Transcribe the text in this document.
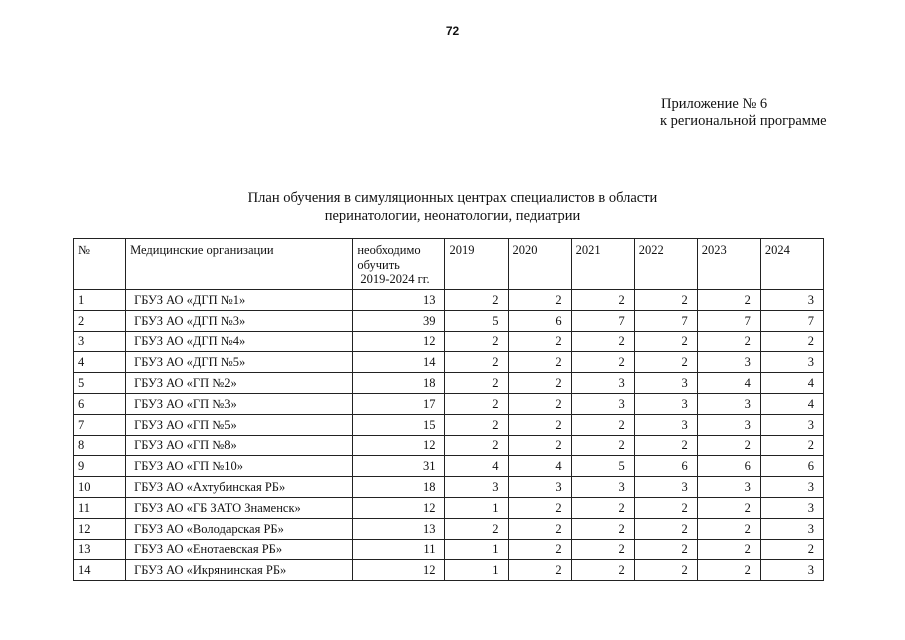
72
Приложение № 6
к региональной программе
План обучения в симуляционных центрах специалистов в области
перинатологии, неонатологии, педиатрии
№	Медицинские организации	необходимо
обучить
2019-2024 гг.	2019	2020	2021	2022	2023	2024
1	ГБУЗ АО «ДГП №1»	13	2	2	2	2	2	3
2	ГБУЗ АО «ДГП №3»	39	5	6	7	7	7	7
3	ГБУЗ АО «ДГП №4»	12	2	2	2	2	2	2
4	ГБУЗ АО «ДГП №5»	14	2	2	2	2	3	3
5	ГБУЗ АО «ГП №2»	18	2	2	3	3	4	4
6	ГБУЗ АО «ГП №3»	17	2	2	3	3	3	4
7	ГБУЗ АО «ГП №5»	15	2	2	2	3	3	3
8	ГБУЗ АО «ГП №8»	12	2	2	2	2	2	2
9	ГБУЗ АО «ГП №10»	31	4	4	5	6	6	6
10	ГБУЗ АО «Ахтубинская РБ»	18	3	3	3	3	3	3
11	ГБУЗ АО «ГБ ЗАТО Знаменск»	12	1	2	2	2	2	3
12	ГБУЗ АО «Володарская РБ»	13	2	2	2	2	2	3
13	ГБУЗ АО «Енотаевская РБ»	11	1	2	2	2	2	2
14	ГБУЗ АО «Икрянинская РБ»	12	1	2	2	2	2	3
